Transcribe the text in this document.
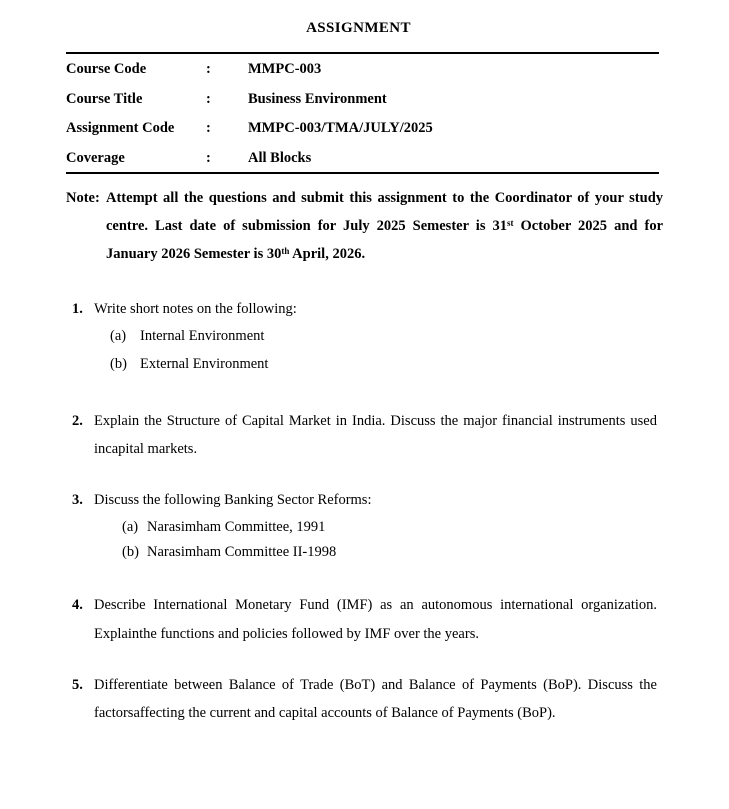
ASSIGNMENT
Course Code	:	MMPC-003
Course Title	:	Business Environment
Assignment Code	:	MMPC-003/TMA/JULY/2025
Coverage	:	All Blocks
Note: Attempt all the questions and submit this assignment to the Coordinator of your study centre. Last date of submission for July 2025 Semester is 31st October 2025 and for January 2026 Semester is 30th April, 2026.
1. Write short notes on the following:
(a) Internal Environment
(b) External Environment
2. Explain the Structure of Capital Market in India. Discuss the major financial instruments used incapital markets.
3. Discuss the following Banking Sector Reforms:
(a) Narasimham Committee, 1991
(b) Narasimham Committee II-1998
4. Describe International Monetary Fund (IMF) as an autonomous international organization. Explainthe functions and policies followed by IMF over the years.
5. Differentiate between Balance of Trade (BoT) and Balance of Payments (BoP). Discuss the factorsaffecting the current and capital accounts of Balance of Payments (BoP).
